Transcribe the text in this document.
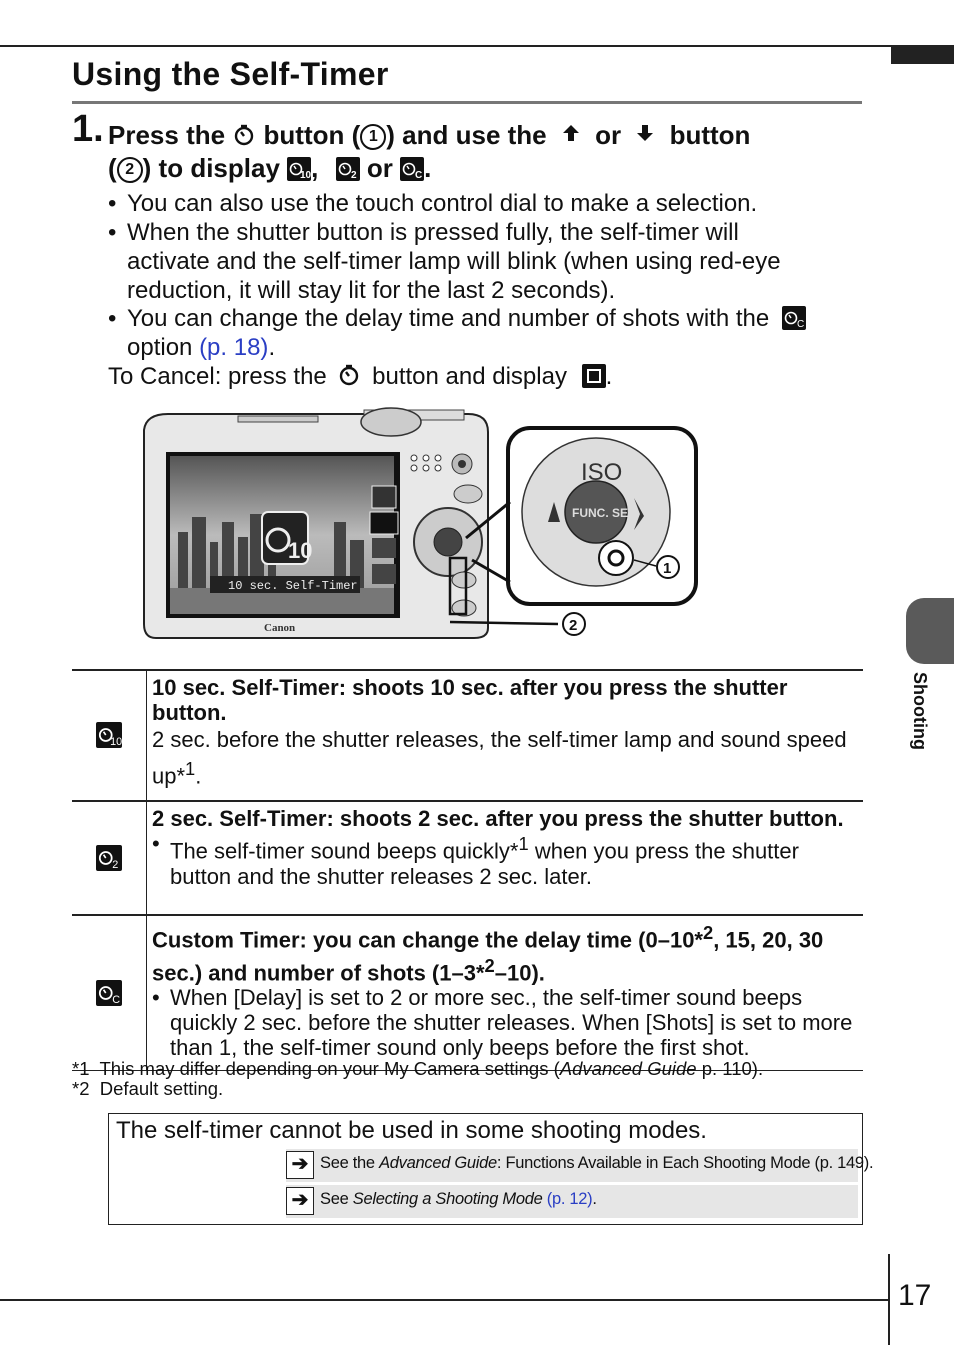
Using the Self-Timer
1. Press the button ( 1 ) and use the or button
( 2 ) to display 10 ,	2 or C .
• You can also use the touch control dial to make a selection.
• When the shutter button is pressed fully, the self-timer will
activate and the self-timer lamp will blink (when using red-eye
reduction, it will stay lit for the last 2 seconds).
• You can change the delay time and number of shots with the	C
option (p. 18).
To Cancel: press the button and display .
10
10 sec. Self-Timer
Canon
FUNC. SET
ISO
1
2
10	10 sec. Self-Timer: shoots 10 sec. after you press the shutter button.
2 sec. before the shutter releases, the self-timer lamp and sound speed up*$^1$.

2	2 sec. Self-Timer: shoots 2 sec. after you press the shutter button.
• The self-timer sound beeps quickly*$^1$ when you press the shutter button and the shutter releases 2 sec. later.

C	Custom Timer: you can change the delay time (0–10*$^2$, 15, 20, 30 sec.) and number of shots (1–3*$^2$–10).
• When [Delay] is set to 2 or more sec., the self-timer sound beeps quickly 2 sec. before the shutter releases. When [Shots] is set to more than 1, the self-timer sound only beeps before the first shot.
*1 This may differ depending on your My Camera settings (Advanced Guide p. 110).
*2 Default setting.
The self-timer cannot be used in some shooting modes.
➔ See the Advanced Guide: Functions Available in Each Shooting Mode (p. 149).
➔ See Selecting a Shooting Mode (p. 12).
Shooting
17
